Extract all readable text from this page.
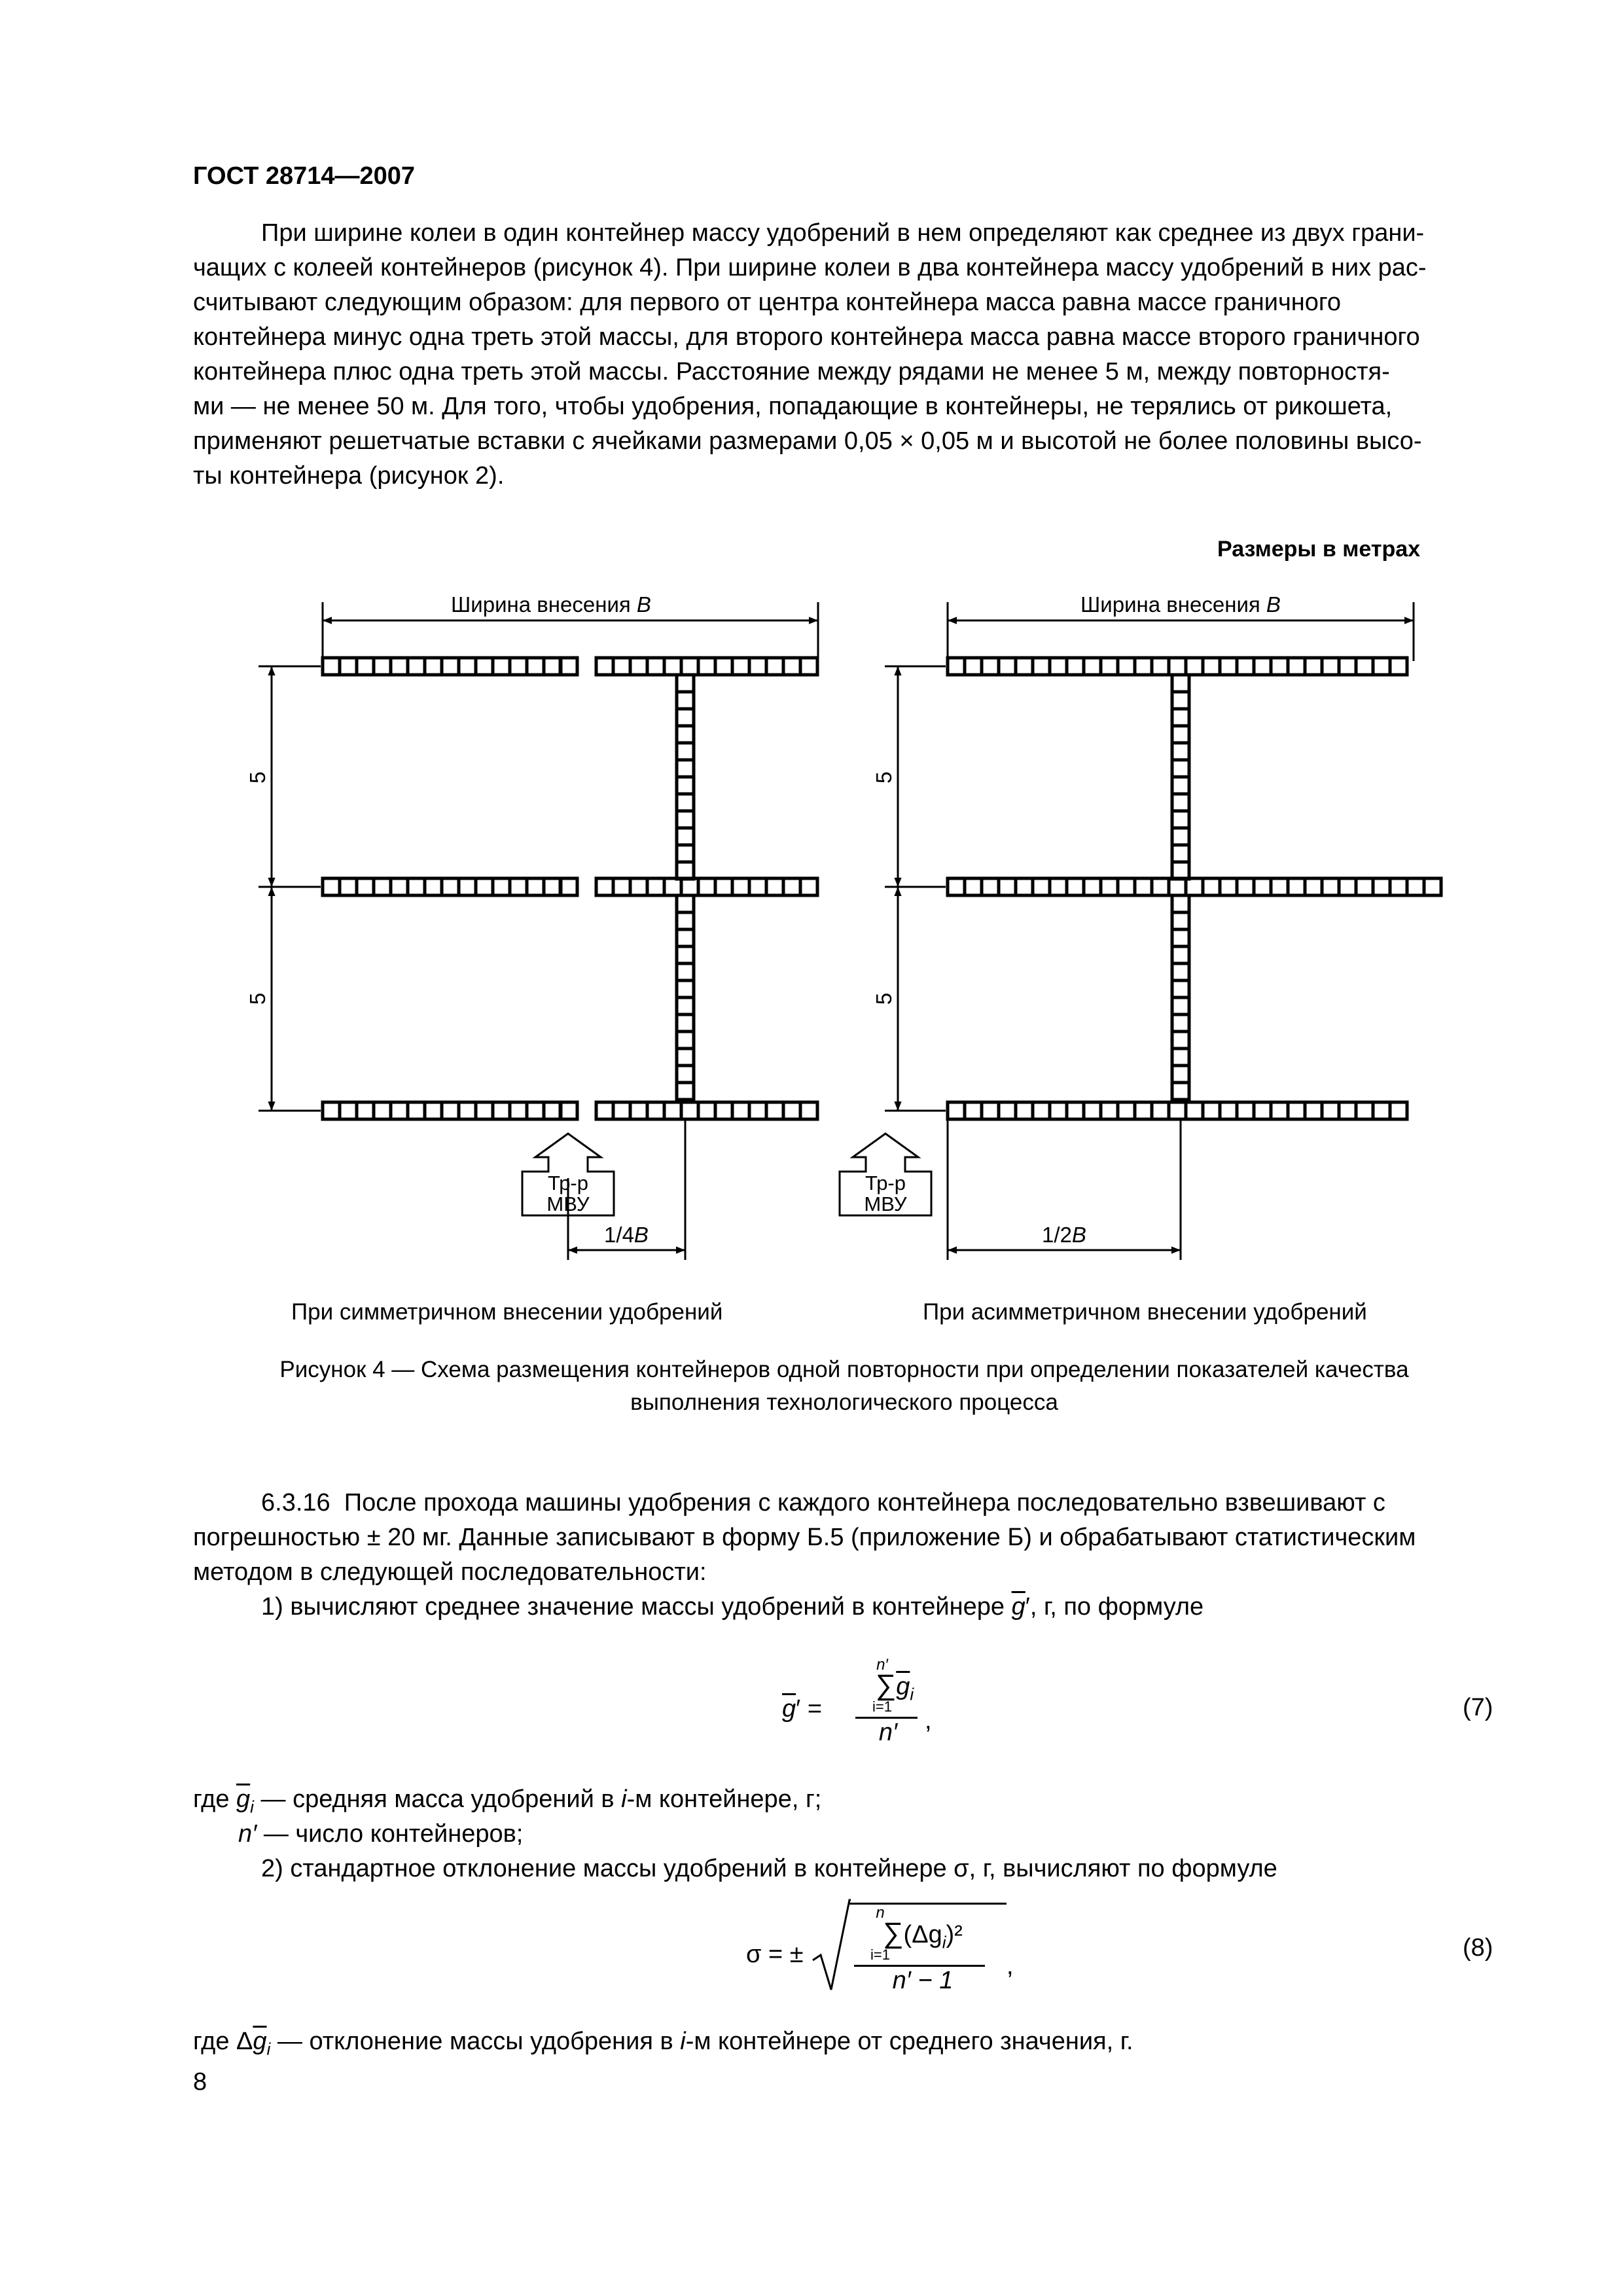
ГОСТ 28714—2007

При ширине колеи в один контейнер массу удобрений в нем определяют как среднее из двух грани-

чащих с колеей контейнеров (рисунок 4). При ширине колеи в два контейнера массу удобрений в них рас-

считывают следующим образом: для первого от центра контейнера масса равна массе граничного

контейнера минус одна треть этой массы, для второго контейнера масса равна массе второго граничного

контейнера плюс одна треть этой массы. Расстояние между рядами не менее 5 м, между повторностя-

ми — не менее 50 м. Для того, чтобы удобрения, попадающие в контейнеры, не терялись от рикошета,

применяют решетчатые вставки с ячейками размерами 0,05 × 0,05 м и высотой не более половины высо-

ты контейнера (рисунок 2).

Размеры в метрах
Ширина внесения B
5
5
Тр-р
МВУ
1/4B
Ширина внесения B
5
5
Тр-р
МВУ
1/2B
При симметричном внесении удобрений	При асимметричном внесении удобрений
Рисунок 4 — Схема размещения контейнеров одной повторности при определении показателей качества
выполнения технологического процесса
6.3.16 После прохода машины удобрения с каждого контейнера последовательно взвешивают с
погрешностью ± 20 мг. Данные записывают в форму Б.5 (приложение Б) и обрабатывают статистическим
методом в следующей последовательности:
1) вычисляют среднее значение массы удобрений в контейнере $\overline{g}'$, г, по формуле
$\overline{g}'$ =
n′
$\sum\overline{g}_i$
i=1
n′	,	(7)
где $\overline{g}_i$ — средняя масса удобрений в i-м контейнере, г;
n′ — число контейнеров;
2) стандартное отклонение массы удобрений в контейнере σ, г, вычисляют по формуле
σ = ±
n
$\sum(\Delta g_i)^2$
i=1
n′ − 1
,
(8)
где $\Delta\overline{g}_i$ — отклонение массы удобрения в i-м контейнере от среднего значения, г.
8
